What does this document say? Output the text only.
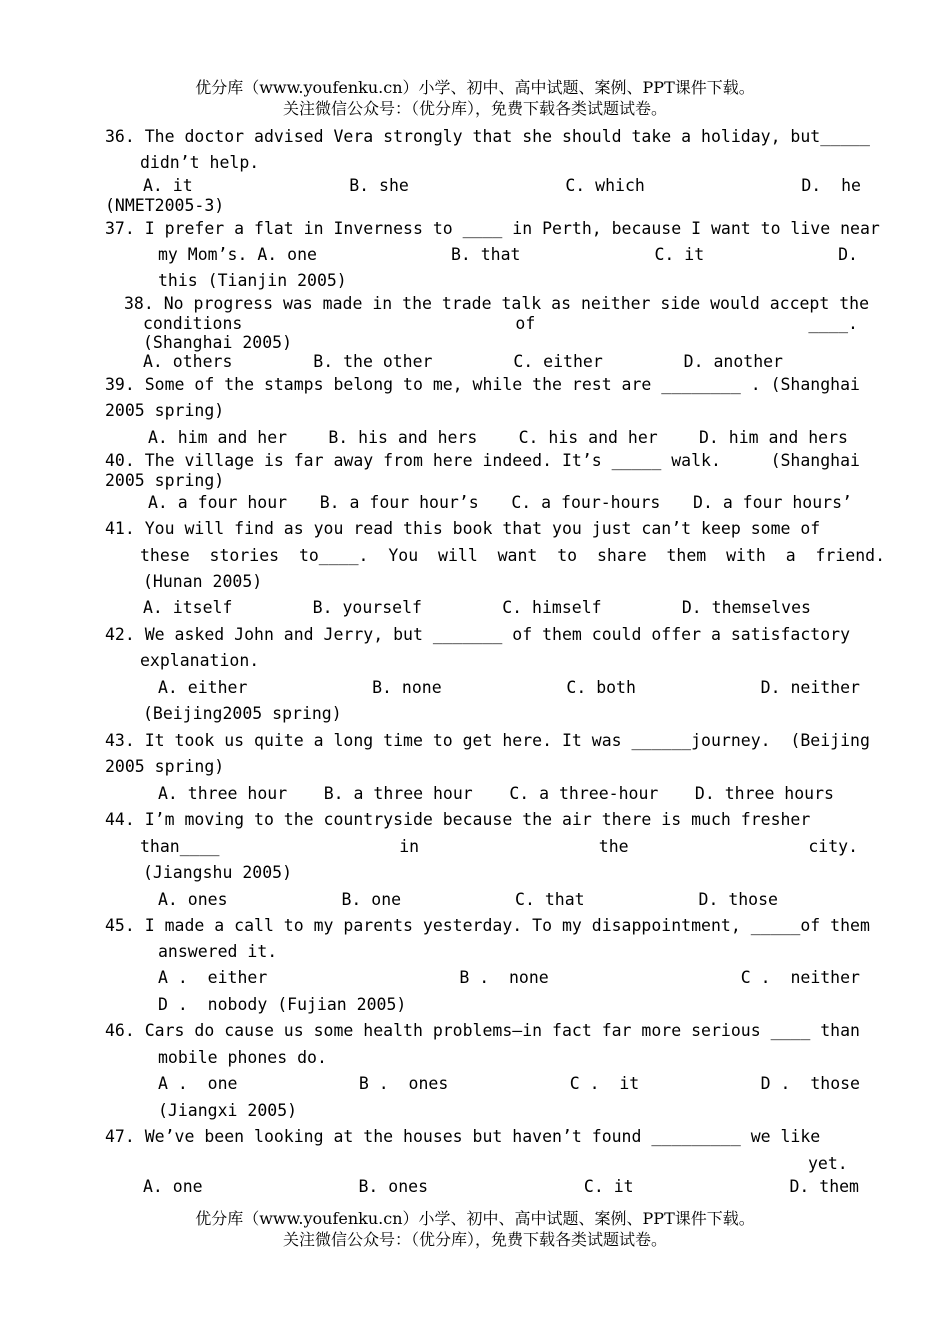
优分库（www.youfenku.cn）小学、初中、高中试题、案例、PPT课件下载。
关注微信公众号：（优分库），免费下载各类试题试卷。
36. The doctor advised Vera strongly that she should take a holiday, but_____
didn’t help.
A. it	B. she	C. which	D.  he
(NMET2005-3)
37. I prefer a flat in Inverness to ____ in Perth, because I want to live near
my Mom’s. A. one	B. that	C. it	D.
this (Tianjin 2005)
38. No progress was made in the trade talk as neither side would accept the
conditions	of	____.
(Shanghai 2005)
A. others	B. the other	C. either	D. another
39. Some of the stamps belong to me, while the rest are ________ . (Shanghai
2005 spring)
A. him and her	B. his and hers	C. his and her	D. him and hers
40. The village is far away from here indeed. It’s _____ walk.     (Shanghai
2005 spring)
A. a four hour B. a four hour’s C. a four-hours D. a four hours’
41. You will find as you read this book that you just can’t keep some of
these  stories  to____.  You  will  want  to  share  them  with  a  friend.
(Hunan 2005)
A. itself	B. yourself	C. himself	D. themselves
42. We asked John and Jerry, but _______ of them could offer a satisfactory
explanation.
A. either	B. none	C. both	D. neither
(Beijing2005 spring)
43. It took us quite a long time to get here. It was ______journey.  (Beijing
2005 spring)
A. three hour B. a three hour C. a three-hour D. three hours
44. I’m moving to the countryside because the air there is much fresher
than____	in	the	city.
(Jiangshu 2005)
A. ones	B. one	C. that	D. those
45. I made a call to my parents yesterday. To my disappointment, _____of them
answered it.
A .  either	B .  none	C .  neither
D .  nobody (Fujian 2005)
46. Cars do cause us some health problems—in fact far more serious ____ than
mobile phones do.
A .  one	B .  ones	C .  it	D .  those
(Jiangxi 2005)
47. We’ve been looking at the houses but haven’t found _________ we like
yet.
A. one	B. ones	C. it	D. them
优分库（www.youfenku.cn）小学、初中、高中试题、案例、PPT课件下载。
关注微信公众号：（优分库），免费下载各类试题试卷。
